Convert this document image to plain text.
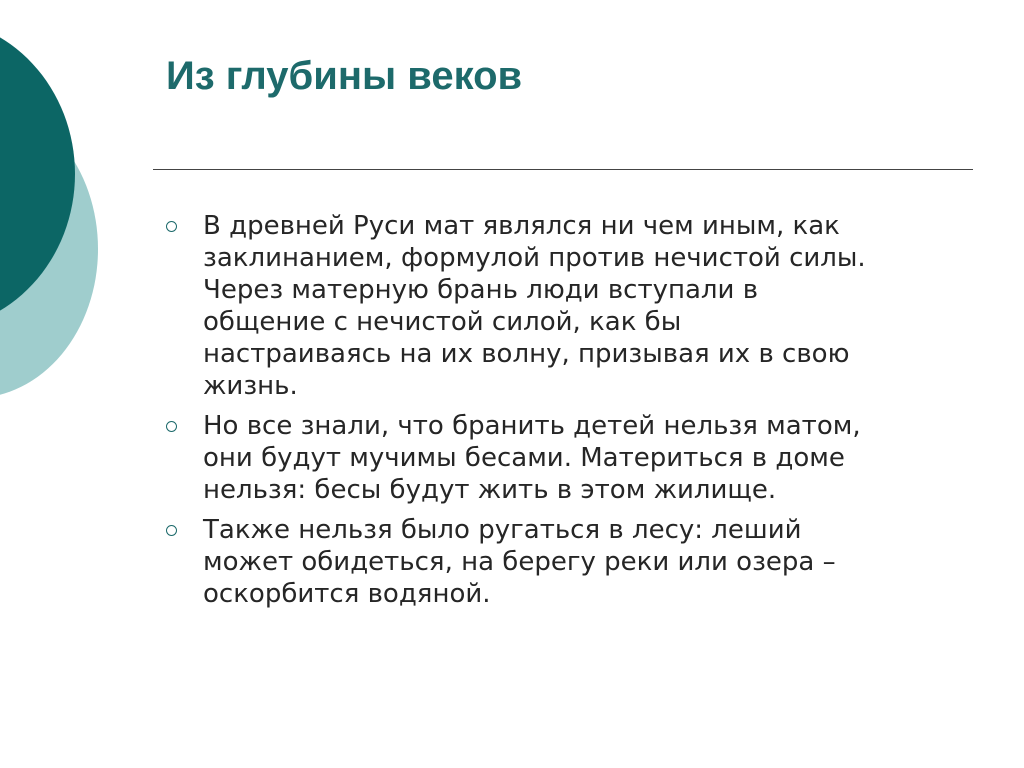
Из глубины веков
В древней Руси мат являлся ни чем иным, как
заклинанием, формулой против нечистой силы.
Через матерную брань люди вступали в
общение с нечистой силой, как бы
настраиваясь на их волну, призывая их в свою
жизнь.
Но все знали, что бранить детей нельзя матом,
они будут мучимы бесами. Материться в доме
нельзя: бесы будут жить в этом жилище.
Также нельзя было ругаться в лесу: леший
может обидеться, на берегу реки или озера –
оскорбится водяной.
